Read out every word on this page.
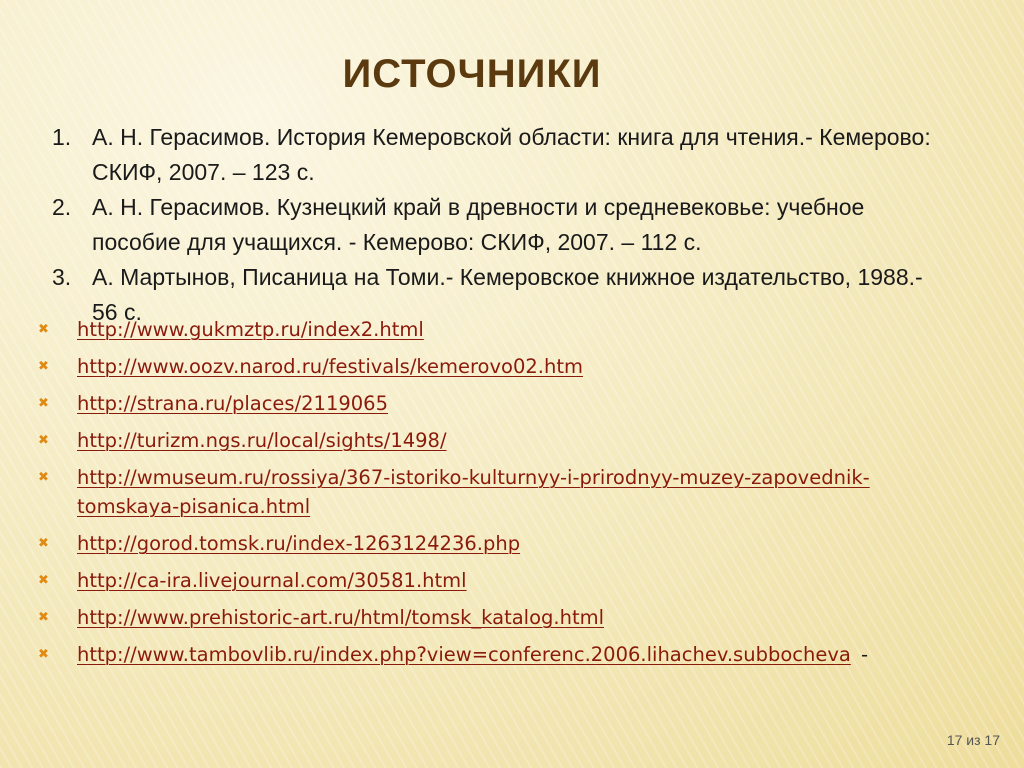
ИСТОЧНИКИ
1. А. Н. Герасимов. История Кемеровской области: книга для чтения.- Кемерово: СКИФ, 2007. – 123 с.
2. А. Н. Герасимов. Кузнецкий край в древности и средневековье: учебное пособие для учащихся. - Кемерово: СКИФ, 2007. – 112 с.
3. А. Мартынов, Писаница на Томи.- Кемеровское книжное издательство, 1988.- 56 с.
✖ http://www.gukmztp.ru/index2.html
✖ http://www.oozv.narod.ru/festivals/kemerovo02.htm
✖ http://strana.ru/places/2119065
✖ http://turizm.ngs.ru/local/sights/1498/
✖ http://wmuseum.ru/rossiya/367-istoriko-kulturnyy-i-prirodnyy-muzey-zapovednik-tomskaya-pisanica.html
✖ http://gorod.tomsk.ru/index-1263124236.php
✖ http://ca-ira.livejournal.com/30581.html
✖ http://www.prehistoric-art.ru/html/tomsk_katalog.html
✖ http://www.tambovlib.ru/index.php?view=conferenc.2006.lihachev.subbocheva -
17 из 17
